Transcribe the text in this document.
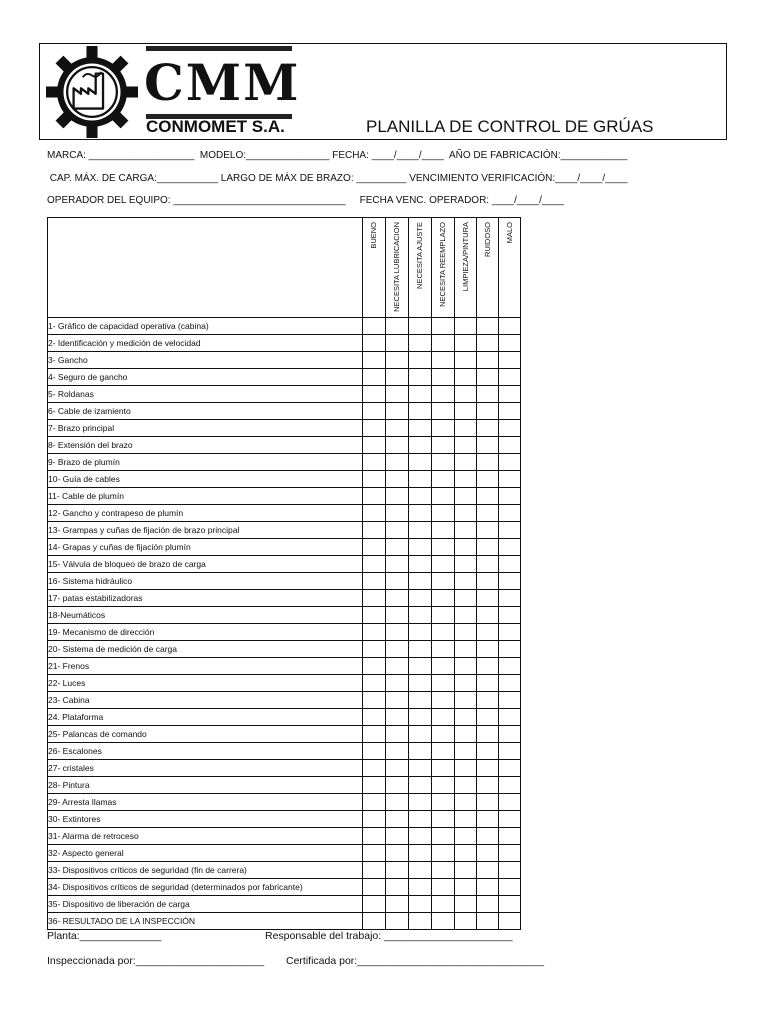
CMM
CONMOMET S.A.	PLANILLA DE CONTROL DE GRÚAS
MARCA: ___________________  MODELO:_______________ FECHA: ____/____/____  AÑO DE FABRICACIÓN:____________
CAP. MÁX. DE CARGA:___________ LARGO DE MÁX DE BRAZO: _________ VENCIMIENTO VERIFICACIÓN:____/____/____
OPERADOR DEL EQUIPO: _______________________________     FECHA VENC. OPERADOR: ____/____/____

	BUENO	NECESITA LUBRICACION	NECESITA AJUSTE	NECESITA REEMPLAZO	LIMPIEZA/PINTURA	RUIDOSO	MALO

1- Gráfico de capacidad operativa (cabina)							
2- Identificación y medición de velocidad							
3- Gancho							
4- Seguro de gancho							
5- Roldanas							
6- Cable de izamiento							
7- Brazo principal							
8- Extensión del brazo							
9- Brazo de plumín							
10- Guía de cables							
11- Cable de plumín							
12- Gancho y contrapeso de plumín							
13- Grampas y cuñas de fijación de brazo principal							
14- Grapas y cuñas de fijación plumín							
15- Válvula de bloqueo de brazo de carga							
16- Sistema hidráulico							
17- patas estabilizadoras							
18-Neumáticos							
19- Mecanismo de dirección							
20- Sistema de medición de carga							
21- Frenos							
22- Luces							
23- Cabina							
24. Plataforma							
25- Palancas de comando							
26- Escalones							
27- cristales							
28- Pintura							
29- Arresta llamas							
30- Extintores							
31- Alarma de retroceso							
32- Aspecto general							
33- Dispositivos críticos de seguridad (fin de carrera)							
34- Dispositivos críticos de seguridad (determinados por fabricante)							
35- Dispositivo de liberación de carga							
36- RESULTADO DE LA INSPECCIÓN							
Planta:______________	Responsable del trabajo: ______________________
Inspeccionada por:______________________ Certificada por:________________________________
